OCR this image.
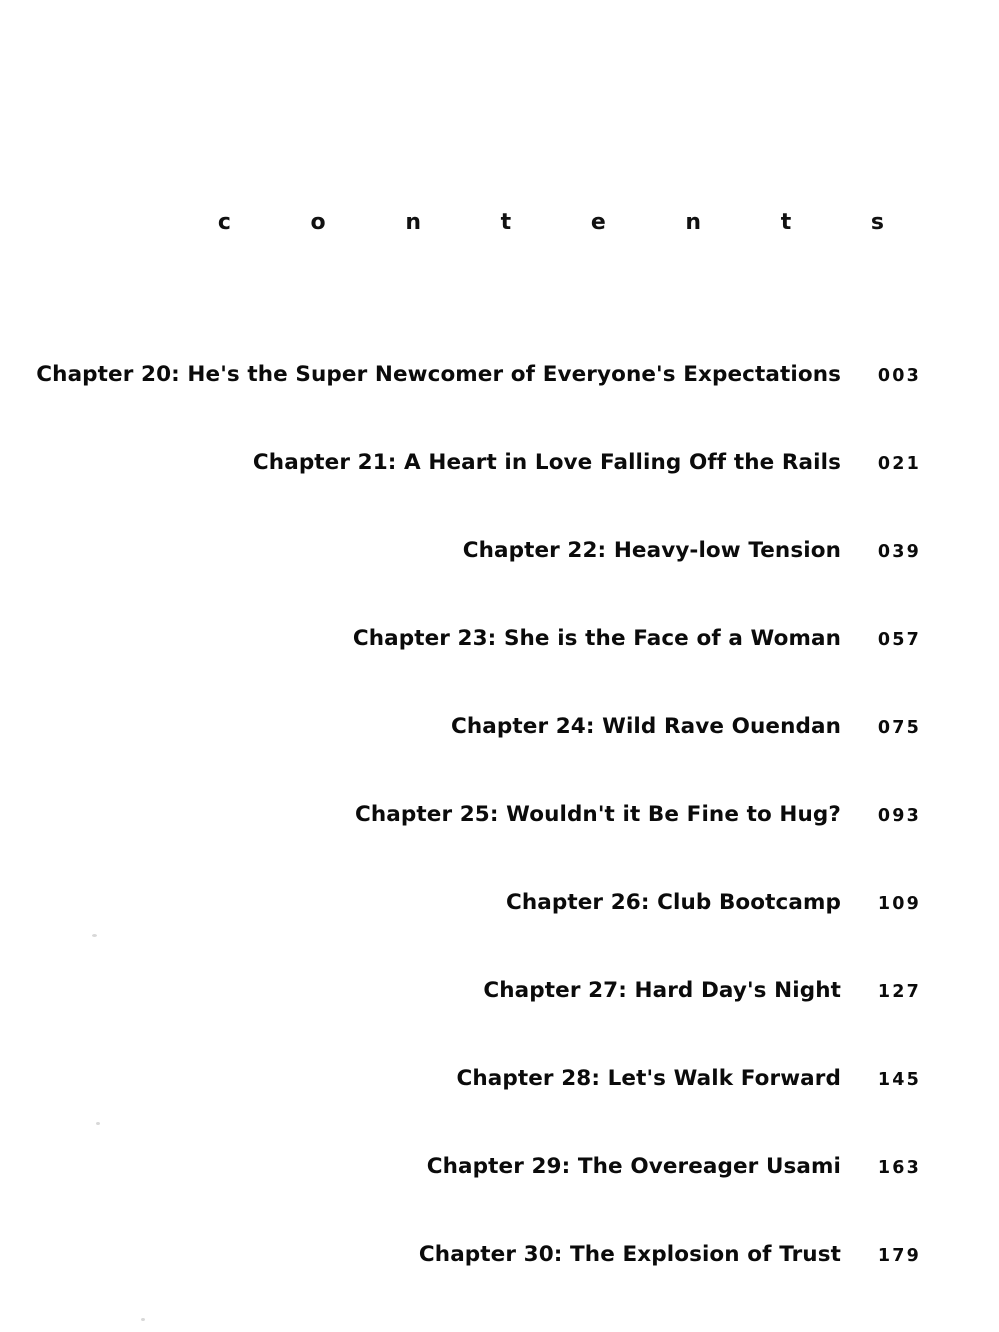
c o n t e n t s
Chapter 20: He's the Super Newcomer of Everyone's Expectations	003
Chapter 21: A Heart in Love Falling Off the Rails	021
Chapter 22: Heavy-low Tension	039
Chapter 23: She is the Face of a Woman	057
Chapter 24: Wild Rave Ouendan	075
Chapter 25: Wouldn't it Be Fine to Hug?	093
Chapter 26: Club Bootcamp	109
Chapter 27: Hard Day's Night	127
Chapter 28: Let's Walk Forward	145
Chapter 29: The Overeager Usami	163
Chapter 30: The Explosion of Trust	179
